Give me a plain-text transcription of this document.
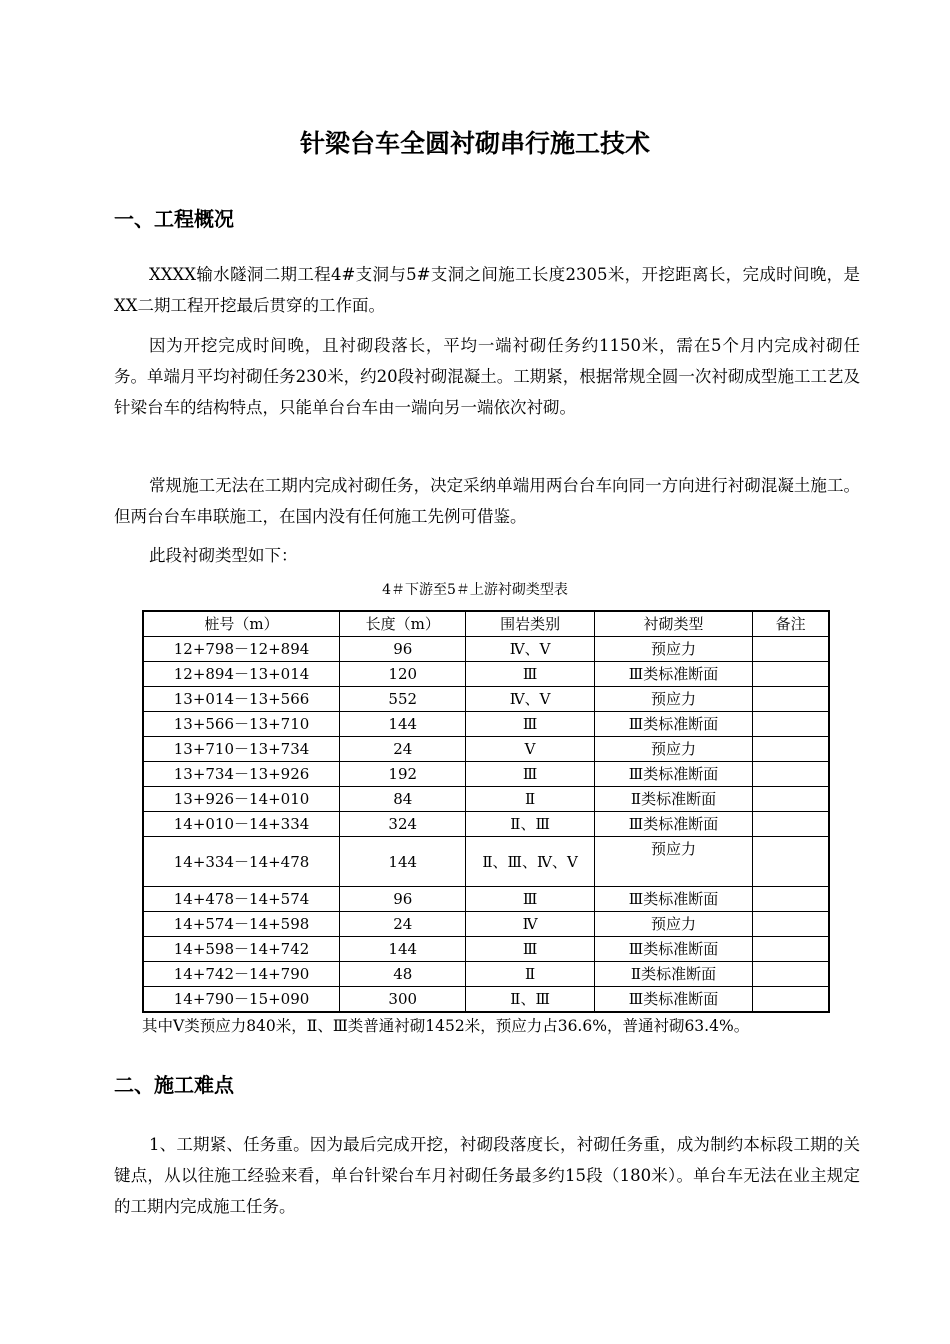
针梁台车全圆衬砌串行施工技术
一、工程概况

XXXX输水隧洞二期工程4#支洞与5#支洞之间施工长度2305米，开挖距离长，完成时间晚，是XX二期工程开挖最后贯穿的工作面。

因为开挖完成时间晚，且衬砌段落长，平均一端衬砌任务约1150米，需在5个月内完成衬砌任务。单端月平均衬砌任务230米，约20段衬砌混凝土。工期紧，根据常规全圆一次衬砌成型施工工艺及针梁台车的结构特点，只能单台台车由一端向另一端依次衬砌。

常规施工无法在工期内完成衬砌任务，决定采纳单端用两台台车向同一方向进行衬砌混凝土施工。但两台台车串联施工，在国内没有任何施工先例可借鉴。

此段衬砌类型如下：

4＃下游至5＃上游衬砌类型表
桩号（m）	长度（m）	围岩类别	衬砌类型	备注
12+798－12+894	96	Ⅳ、Ⅴ	预应力	
12+894－13+014	120	Ⅲ	Ⅲ类标准断面	
13+014－13+566	552	Ⅳ、Ⅴ	预应力	
13+566－13+710	144	Ⅲ	Ⅲ类标准断面	
13+710－13+734	24	Ⅴ	预应力	
13+734－13+926	192	Ⅲ	Ⅲ类标准断面	
13+926－14+010	84	Ⅱ	Ⅱ类标准断面	
14+010－14+334	324	Ⅱ、Ⅲ	Ⅲ类标准断面	
14+334－14+478	144	Ⅱ、Ⅲ、Ⅳ、Ⅴ	预应力	
14+478－14+574	96	Ⅲ	Ⅲ类标准断面	
14+574－14+598	24	Ⅳ	预应力	
14+598－14+742	144	Ⅲ	Ⅲ类标准断面	
14+742－14+790	48	Ⅱ	Ⅱ类标准断面	
14+790－15+090	300	Ⅱ、Ⅲ	Ⅲ类标准断面	
其中Ⅴ类预应力840米，Ⅱ、Ⅲ类普通衬砌1452米，预应力占36.6%，普通衬砌63.4%。
二、施工难点

1、工期紧、任务重。因为最后完成开挖，衬砌段落度长，衬砌任务重，成为制约本标段工期的关键点，从以往施工经验来看，单台针梁台车月衬砌任务最多约15段（180米）。单台车无法在业主规定的工期内完成施工任务。
